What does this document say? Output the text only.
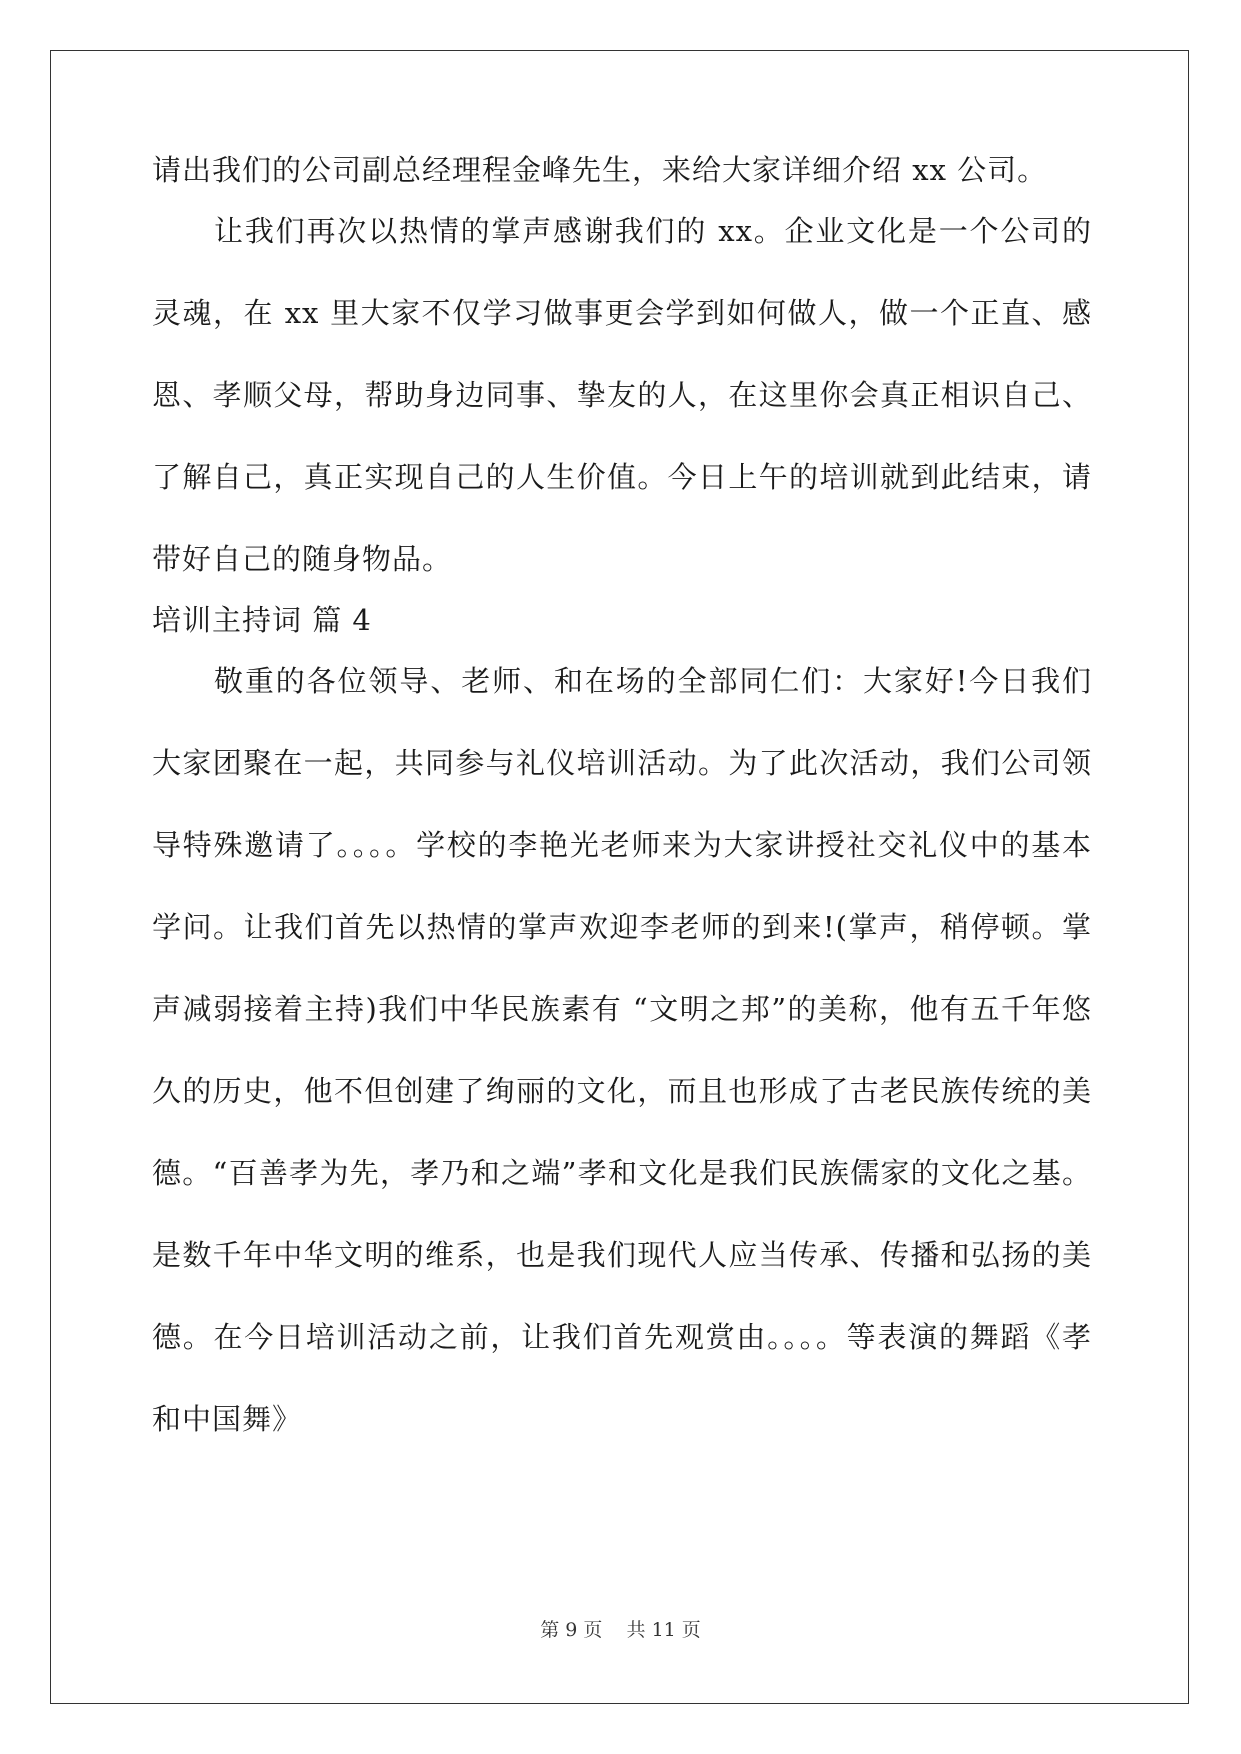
请出我们的公司副总经理程金峰先生，来给大家详细介绍 xx 公司。

让我们再次以热情的掌声感谢我们的 xx。企业文化是一个公司的灵魂，在 xx 里大家不仅学习做事更会学到如何做人，做一个正直、感恩、孝顺父母，帮助身边同事、挚友的人，在这里你会真正相识自己、了解自己，真正实现自己的人生价值。今日上午的培训就到此结束，请带好自己的随身物品。

培训主持词 篇 4

敬重的各位领导、老师、和在场的全部同仁们：大家好!今日我们大家团聚在一起，共同参与礼仪培训活动。为了此次活动，我们公司领导特殊邀请了。。。。学校的李艳光老师来为大家讲授社交礼仪中的基本学问。让我们首先以热情的掌声欢迎李老师的到来!(掌声，稍停顿。掌声减弱接着主持)我们中华民族素有 “文明之邦”的美称，他有五千年悠久的历史，他不但创建了绚丽的文化，而且也形成了古老民族传统的美德。“百善孝为先，孝乃和之端”孝和文化是我们民族儒家的文化之基。是数千年中华文明的维系，也是我们现代人应当传承、传播和弘扬的美德。在今日培训活动之前，让我们首先观赏由。。。。等表演的舞蹈《孝和中国舞》

第 9 页 共 11 页
